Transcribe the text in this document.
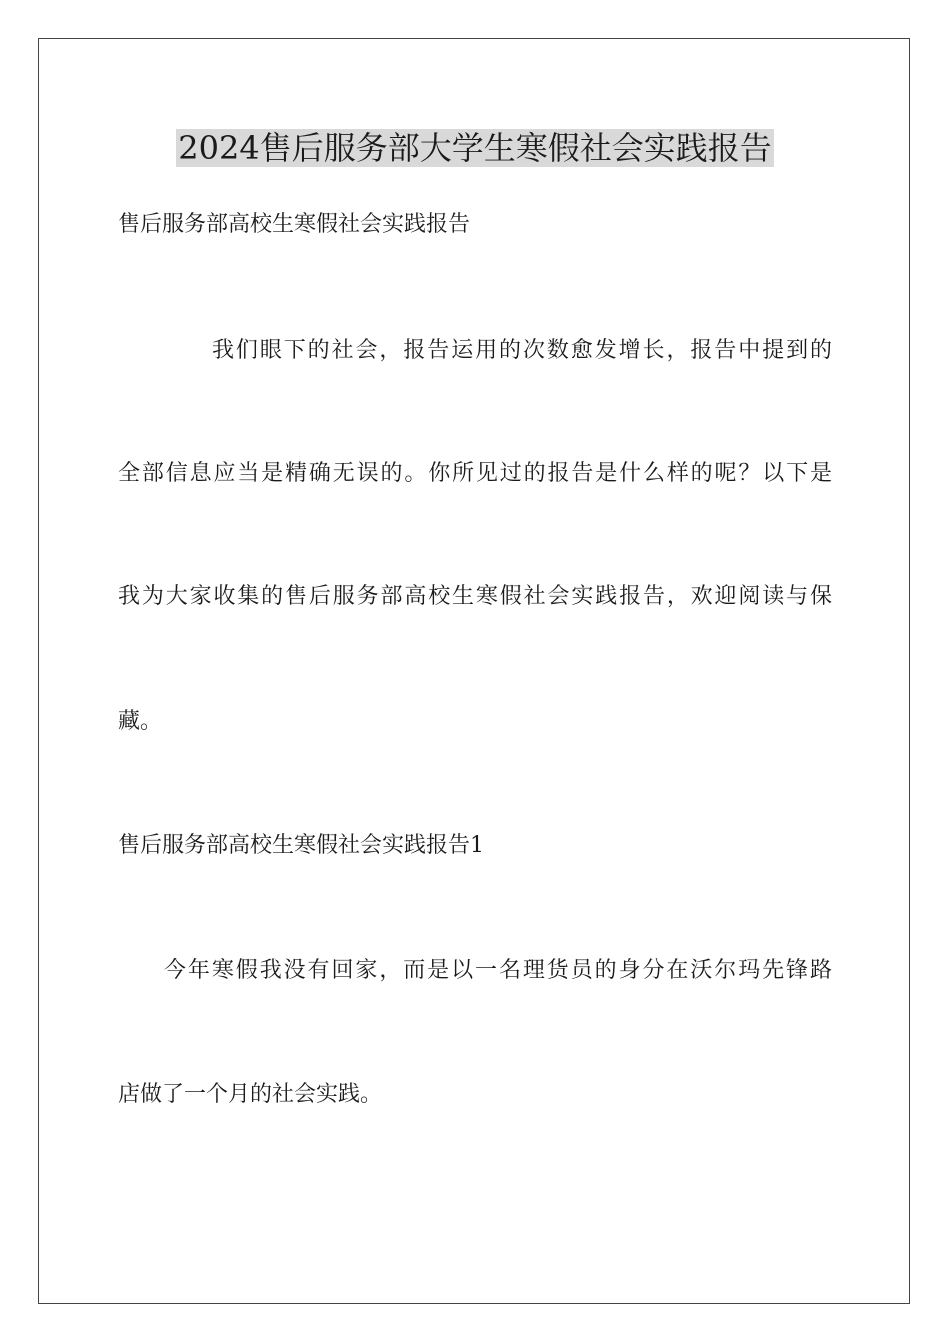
2024售后服务部大学生寒假社会实践报告
售后服务部高校生寒假社会实践报告
我们眼下的社会，报告运用的次数愈发增长，报告中提到的
全部信息应当是精确无误的。你所见过的报告是什么样的呢？以下是
我为大家收集的售后服务部高校生寒假社会实践报告，欢迎阅读与保
藏。
售后服务部高校生寒假社会实践报告1
今年寒假我没有回家，而是以一名理货员的身分在沃尔玛先锋路
店做了一个月的社会实践。
